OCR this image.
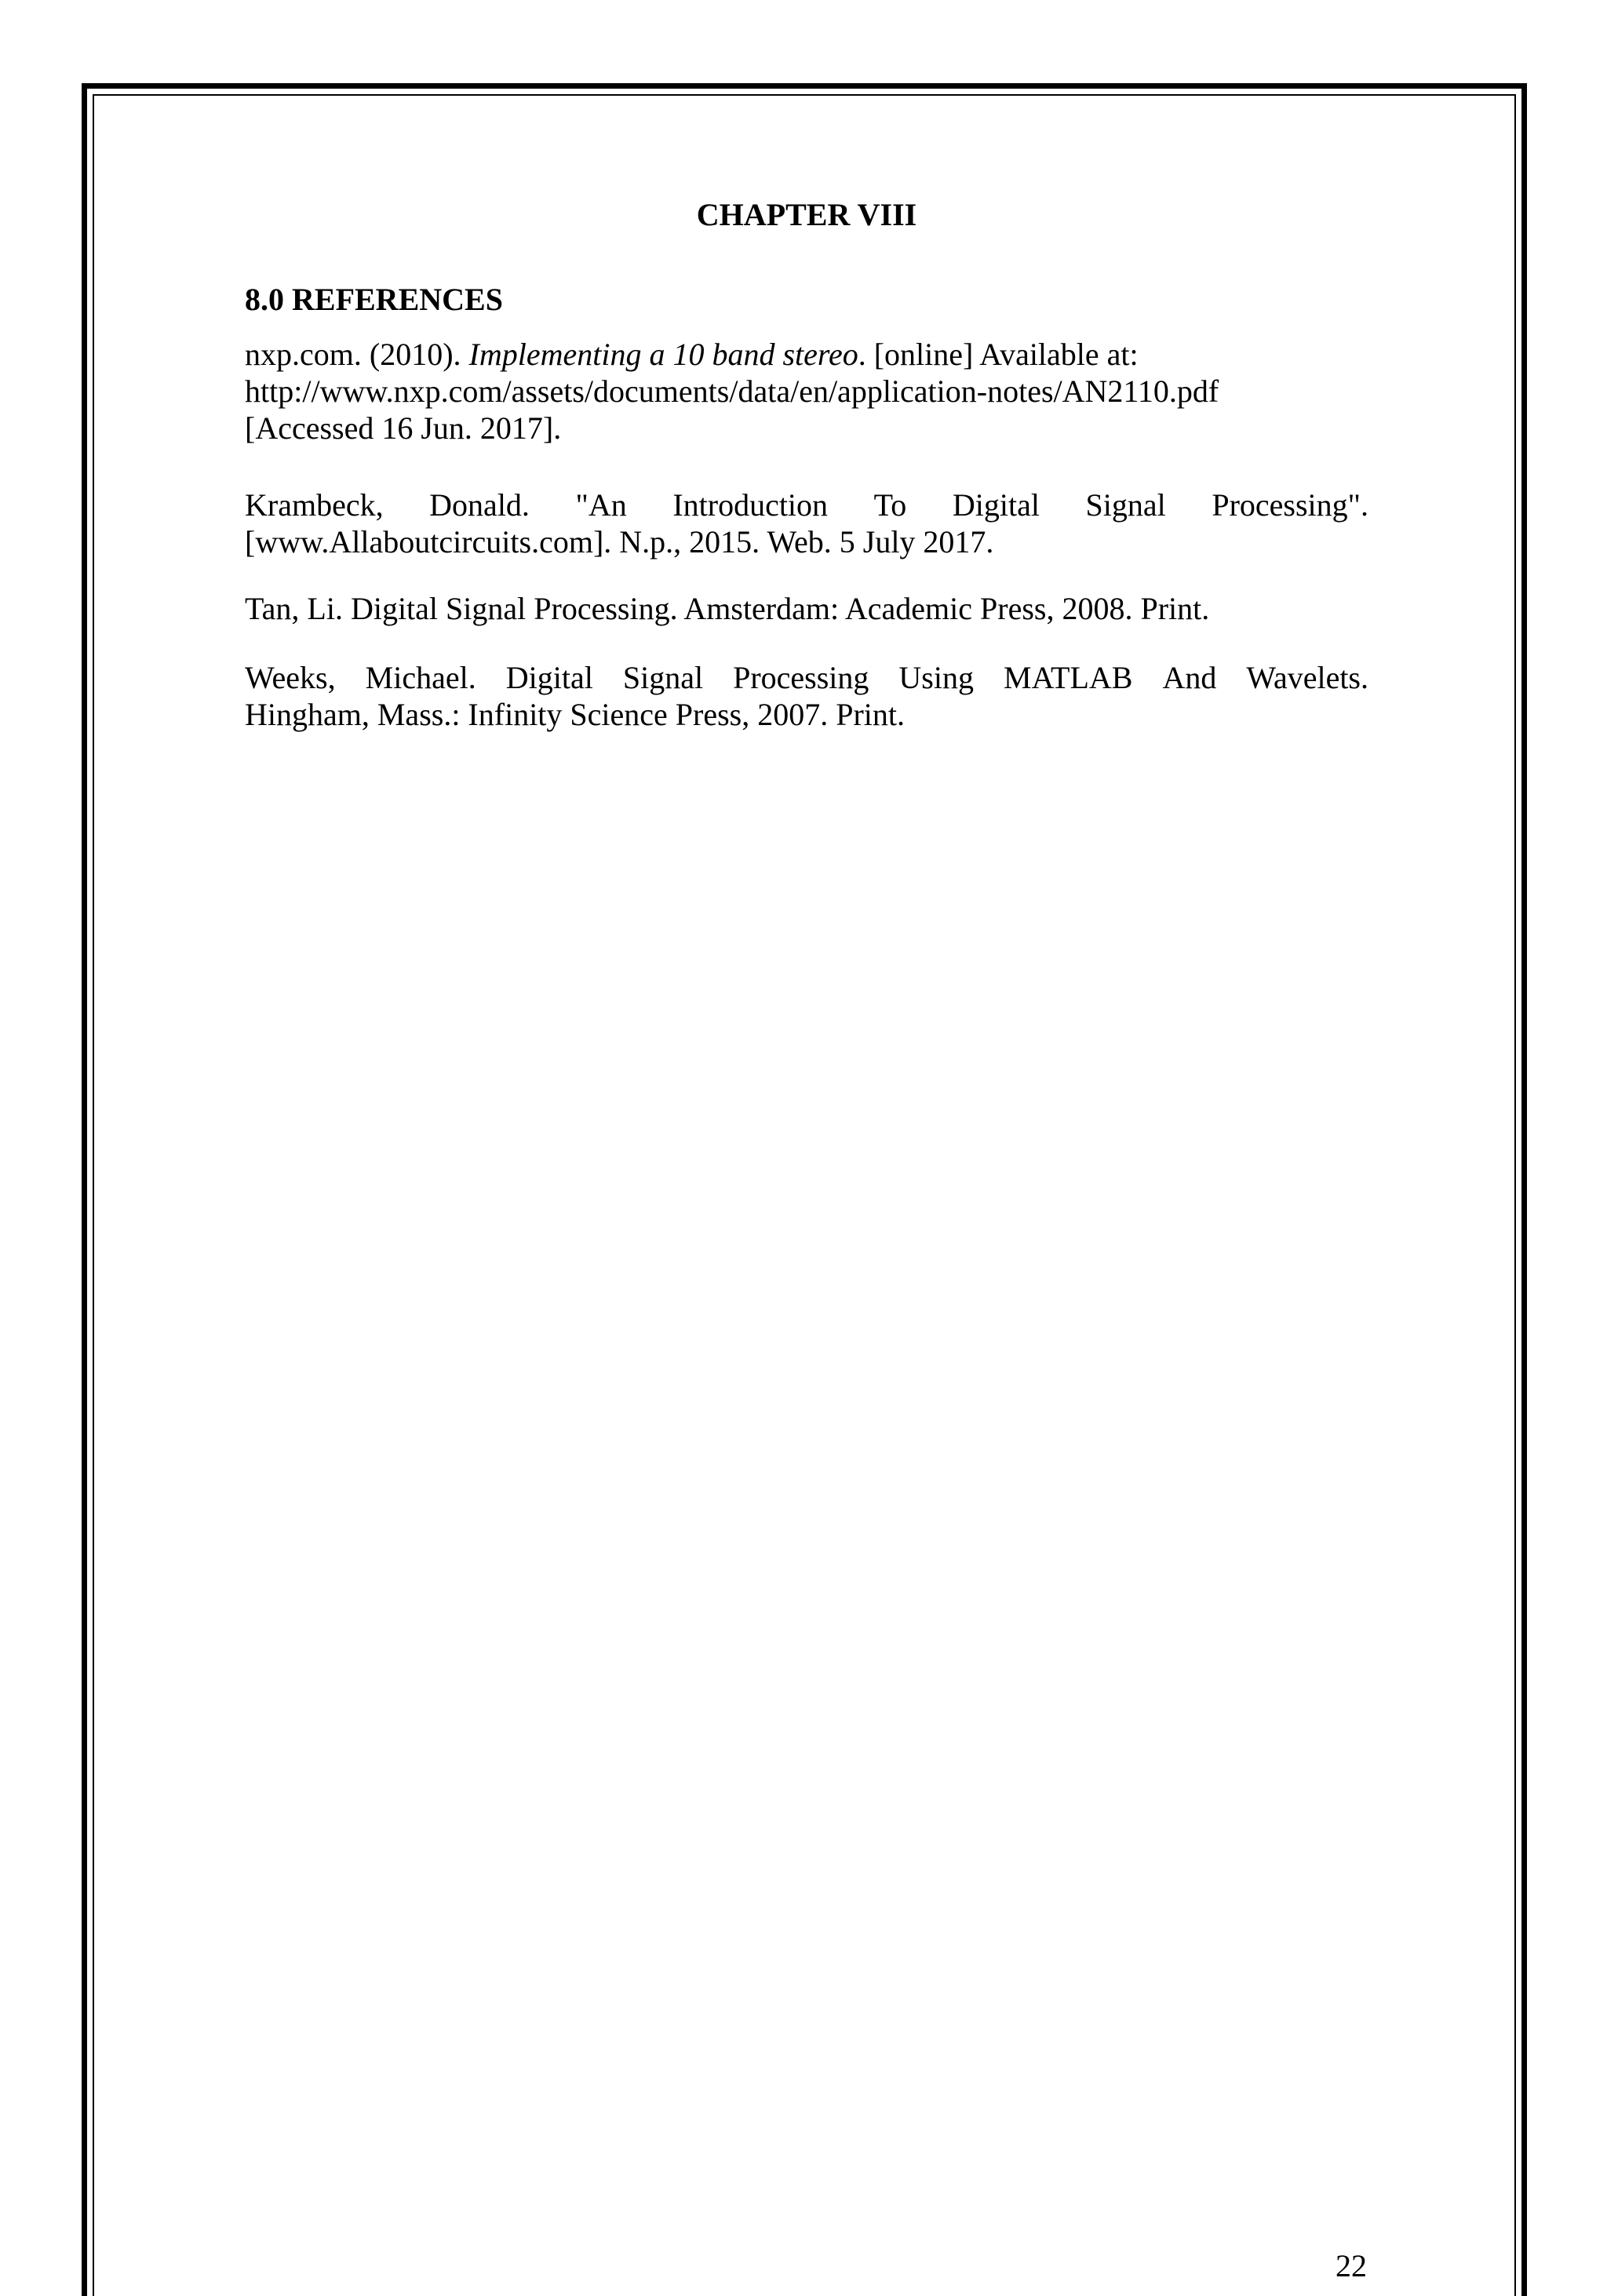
CHAPTER VIII
8.0 REFERENCES
nxp.com. (2010). Implementing a 10 band stereo. [online] Available at:
http://www.nxp.com/assets/documents/data/en/application-notes/AN2110.pdf
[Accessed 16 Jun. 2017].
Krambeck, Donald. "An Introduction To Digital Signal Processing".
[www.Allaboutcircuits.com]. N.p., 2015. Web. 5 July 2017.
Tan, Li. Digital Signal Processing. Amsterdam: Academic Press, 2008. Print.
Weeks, Michael. Digital Signal Processing Using MATLAB And Wavelets.
Hingham, Mass.: Infinity Science Press, 2007. Print.
22
